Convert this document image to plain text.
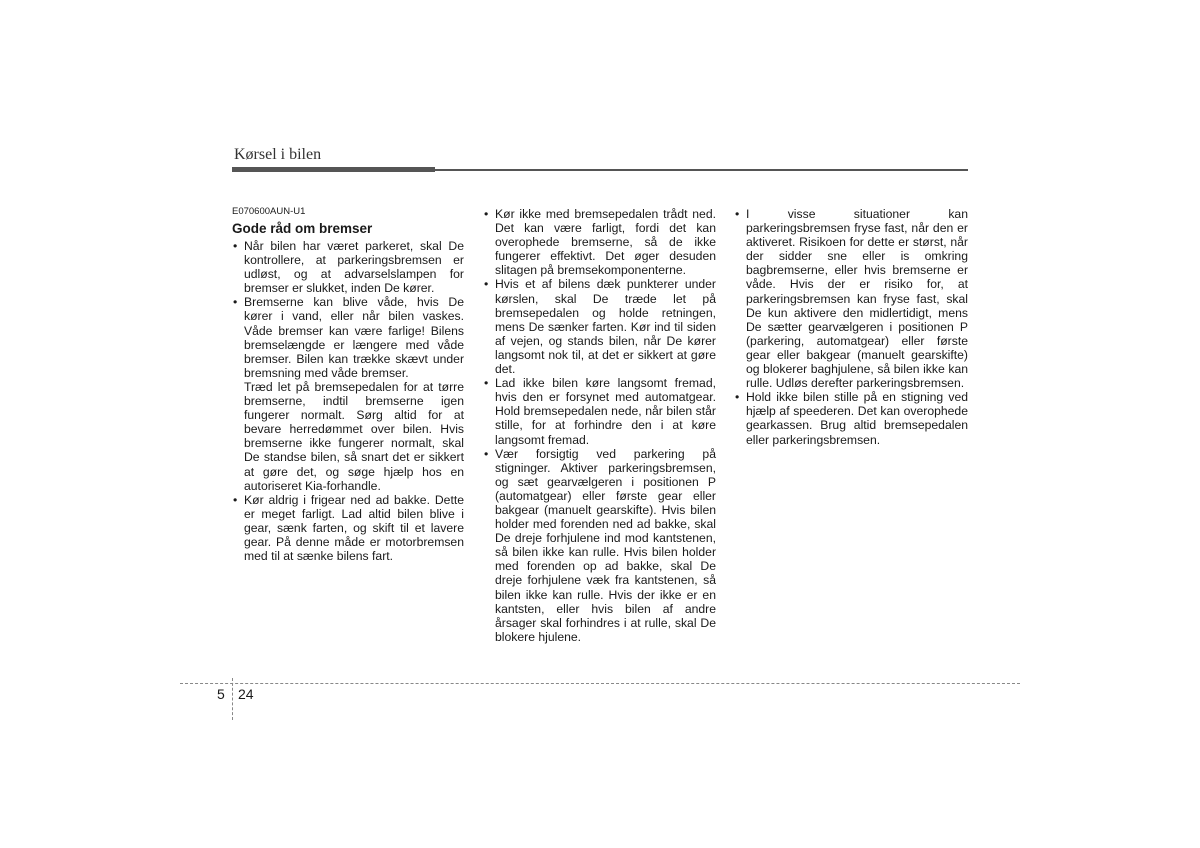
Kørsel i bilen
E070600AUN-U1
Gode råd om bremser
• Når bilen har været parkeret, skal De kontrollere, at parkeringsbremsen er udløst, og at advarselslampen for bremser er slukket, inden De kører.
• Bremserne kan blive våde, hvis De kører i vand, eller når bilen vaskes. Våde bremser kan være farlige! Bilens bremselængde er længere med våde bremser. Bilen kan trække skævt under bremsning med våde bremser.
Træd let på bremsepedalen for at tørre bremserne, indtil bremserne igen fungerer normalt. Sørg altid for at bevare herredømmet over bilen. Hvis bremserne ikke fungerer normalt, skal De standse bilen, så snart det er sikkert at gøre det, og søge hjælp hos en autoriseret Kia-forhandle.
• Kør aldrig i frigear ned ad bakke. Dette er meget farligt. Lad altid bilen blive i gear, sænk farten, og skift til et lavere gear. På denne måde er motorbremsen med til at sænke bilens fart.
• Kør ikke med bremsepedalen trådt ned. Det kan være farligt, fordi det kan overophede bremserne, så de ikke fungerer effektivt. Det øger desuden slitagen på bremsekomponenterne.
• Hvis et af bilens dæk punkterer under kørslen, skal De træde let på bremsepedalen og holde retningen, mens De sænker farten. Kør ind til siden af vejen, og stands bilen, når De kører langsomt nok til, at det er sikkert at gøre det.
• Lad ikke bilen køre langsomt fremad, hvis den er forsynet med automatgear. Hold bremsepedalen nede, når bilen står stille, for at forhindre den i at køre langsomt fremad.
• Vær forsigtig ved parkering på stigninger. Aktiver parkeringsbremsen, og sæt gearvælgeren i positionen P (automatgear) eller første gear eller bakgear (manuelt gearskifte). Hvis bilen holder med forenden ned ad bakke, skal De dreje forhjulene ind mod kantstenen, så bilen ikke kan rulle. Hvis bilen holder med forenden op ad bakke, skal De dreje forhjulene væk fra kantstenen, så bilen ikke kan rulle. Hvis der ikke er en kantsten, eller hvis bilen af andre årsager skal forhindres i at rulle, skal De blokere hjulene.
• I visse situationer kan parkeringsbremsen fryse fast, når den er aktiveret. Risikoen for dette er størst, når der sidder sne eller is omkring bagbremserne, eller hvis bremserne er våde. Hvis der er risiko for, at parkeringsbremsen kan fryse fast, skal De kun aktivere den midlertidigt, mens De sætter gearvælgeren i positionen P (parkering, automatgear) eller første gear eller bakgear (manuelt gearskifte) og blokerer baghjulene, så bilen ikke kan rulle. Udløs derefter parkeringsbremsen.
• Hold ikke bilen stille på en stigning ved hjælp af speederen. Det kan overophede gearkassen. Brug altid bremsepedalen eller parkeringsbremsen.
5 24
